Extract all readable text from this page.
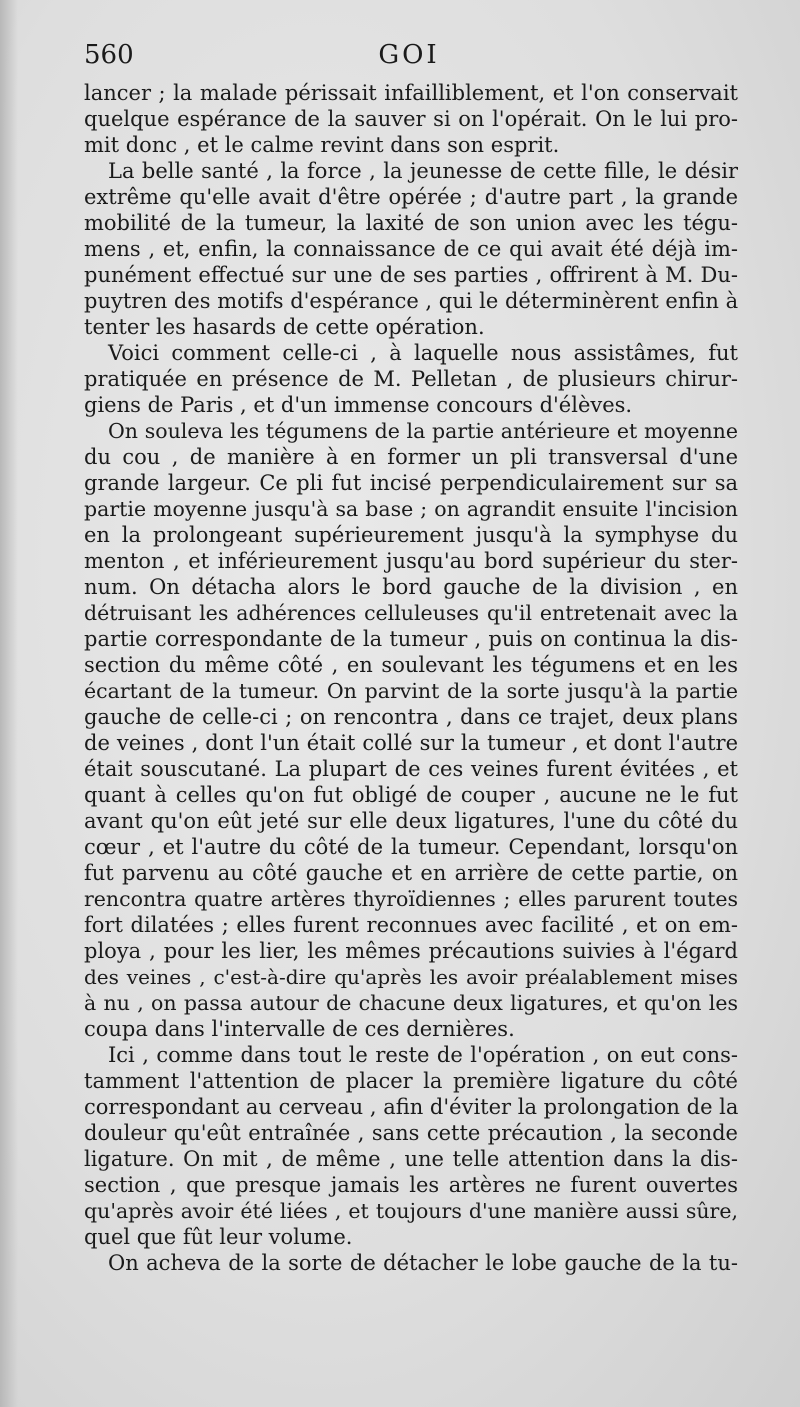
560	GOI
lancer ; la malade périssait infailliblement, et l'on conservait
quelque espérance de la sauver si on l'opérait. On le lui pro-
mit donc , et le calme revint dans son esprit.
La belle santé , la force , la jeunesse de cette fille, le désir
extrême qu'elle avait d'être opérée ; d'autre part , la grande
mobilité de la tumeur, la laxité de son union avec les tégu-
mens , et, enfin, la connaissance de ce qui avait été déjà im-
punément effectué sur une de ses parties , offrirent à M. Du-
puytren des motifs d'espérance , qui le déterminèrent enfin à
tenter les hasards de cette opération.
Voici comment celle-ci , à laquelle nous assistâmes, fut
pratiquée en présence de M. Pelletan , de plusieurs chirur-
giens de Paris , et d'un immense concours d'élèves.
On souleva les tégumens de la partie antérieure et moyenne
du cou , de manière à en former un pli transversal d'une
grande largeur. Ce pli fut incisé perpendiculairement sur sa
partie moyenne jusqu'à sa base ; on agrandit ensuite l'incision
en la prolongeant supérieurement jusqu'à la symphyse du
menton , et inférieurement jusqu'au bord supérieur du ster-
num. On détacha alors le bord gauche de la division , en
détruisant les adhérences celluleuses qu'il entretenait avec la
partie correspondante de la tumeur , puis on continua la dis-
section du même côté , en soulevant les tégumens et en les
écartant de la tumeur. On parvint de la sorte jusqu'à la partie
gauche de celle-ci ; on rencontra , dans ce trajet, deux plans
de veines , dont l'un était collé sur la tumeur , et dont l'autre
était souscutané. La plupart de ces veines furent évitées , et
quant à celles qu'on fut obligé de couper , aucune ne le fut
avant qu'on eût jeté sur elle deux ligatures, l'une du côté du
cœur , et l'autre du côté de la tumeur. Cependant, lorsqu'on
fut parvenu au côté gauche et en arrière de cette partie, on
rencontra quatre artères thyroïdiennes ; elles parurent toutes
fort dilatées ; elles furent reconnues avec facilité , et on em-
ploya , pour les lier, les mêmes précautions suivies à l'égard
des veines , c'est-à-dire qu'après les avoir préalablement mises
à nu , on passa autour de chacune deux ligatures, et qu'on les
coupa dans l'intervalle de ces dernières.
Ici , comme dans tout le reste de l'opération , on eut cons-
tamment l'attention de placer la première ligature du côté
correspondant au cerveau , afin d'éviter la prolongation de la
douleur qu'eût entraînée , sans cette précaution , la seconde
ligature. On mit , de même , une telle attention dans la dis-
section , que presque jamais les artères ne furent ouvertes
qu'après avoir été liées , et toujours d'une manière aussi sûre,
quel que fût leur volume.
On acheva de la sorte de détacher le lobe gauche de la tu-
